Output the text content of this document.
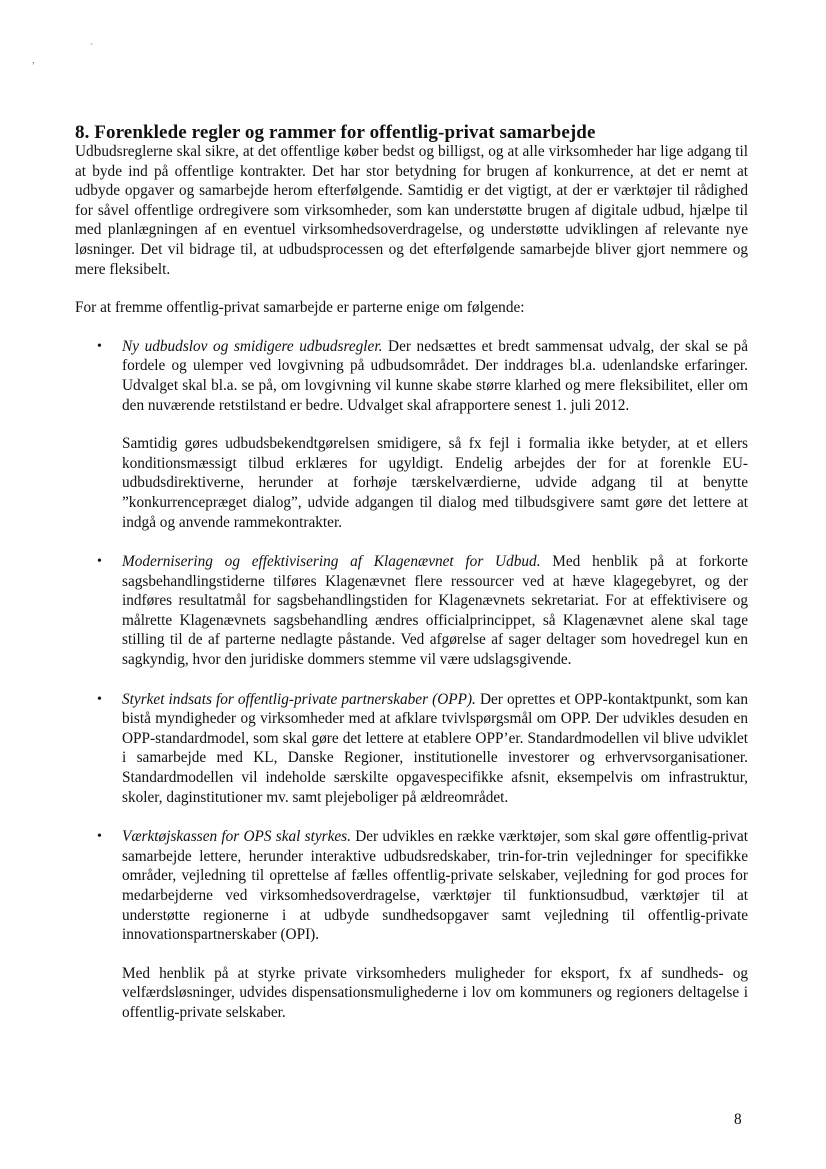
,
`
8. Forenklede regler og rammer for offentlig-privat samarbejde

Udbudsreglerne skal sikre, at det offentlige køber bedst og billigst, og at alle virksomheder har lige adgang til at byde ind på offentlige kontrakter. Det har stor betydning for brugen af konkurrence, at det er nemt at udbyde opgaver og samarbejde herom efterfølgende. Samtidig er det vigtigt, at der er værktøjer til rådighed for såvel offentlige ordregivere som virksomheder, som kan understøtte brugen af digitale udbud, hjælpe til med planlægningen af en eventuel virksomhedsoverdragelse, og understøtte udviklingen af relevante nye løsninger. Det vil bidrage til, at udbudsprocessen og det efterfølgende samarbejde bliver gjort nemmere og mere fleksibelt.

For at fremme offentlig-privat samarbejde er parterne enige om følgende:

• Ny udbudslov og smidigere udbudsregler. Der nedsættes et bredt sammensat udvalg, der skal se på fordele og ulemper ved lovgivning på udbudsområdet. Der inddrages bl.a. udenlandske erfaringer. Udvalget skal bl.a. se på, om lovgivning vil kunne skabe større klarhed og mere fleksibilitet, eller om den nuværende retstilstand er bedre. Udvalget skal afrapportere senest 1. juli 2012.

Samtidig gøres udbudsbekendtgørelsen smidigere, så fx fejl i formalia ikke betyder, at et ellers konditionsmæssigt tilbud erklæres for ugyldigt. Endelig arbejdes der for at forenkle EU-udbudsdirektiverne, herunder at forhøje tærskelværdierne, udvide adgang til at benytte ”konkurrencepræget dialog”, udvide adgangen til dialog med tilbudsgivere samt gøre det lettere at indgå og anvende rammekontrakter.

• Modernisering og effektivisering af Klagenævnet for Udbud. Med henblik på at forkorte sagsbehandlingstiderne tilføres Klagenævnet flere ressourcer ved at hæve klagegebyret, og der indføres resultatmål for sagsbehandlingstiden for Klagenævnets sekretariat. For at effektivisere og målrette Klagenævnets sagsbehandling ændres officialprincippet, så Klagenævnet alene skal tage stilling til de af parterne nedlagte påstande. Ved afgørelse af sager deltager som hovedregel kun en sagkyndig, hvor den juridiske dommers stemme vil være udslagsgivende.

• Styrket indsats for offentlig-private partnerskaber (OPP). Der oprettes et OPP-kontaktpunkt, som kan bistå myndigheder og virksomheder med at afklare tvivlspørgsmål om OPP. Der udvikles desuden en OPP-standardmodel, som skal gøre det lettere at etablere OPP’er. Standardmodellen vil blive udviklet i samarbejde med KL, Danske Regioner, institutionelle investorer og erhvervsorganisationer. Standardmodellen vil indeholde særskilte opgavespecifikke afsnit, eksempelvis om infrastruktur, skoler, daginstitutioner mv. samt plejeboliger på ældreområdet.

• Værktøjskassen for OPS skal styrkes. Der udvikles en række værktøjer, som skal gøre offentlig-privat samarbejde lettere, herunder interaktive udbudsredskaber, trin-for-trin vejledninger for specifikke områder, vejledning til oprettelse af fælles offentlig-private selskaber, vejledning for god proces for medarbejderne ved virksomhedsoverdragelse, værktøjer til funktionsudbud, værktøjer til at understøtte regionerne i at udbyde sundhedsopgaver samt vejledning til offentlig-private innovationspartnerskaber (OPI).

Med henblik på at styrke private virksomheders muligheder for eksport, fx af sundheds- og velfærdsløsninger, udvides dispensationsmulighederne i lov om kommuners og regioners deltagelse i offentlig-private selskaber.

8
